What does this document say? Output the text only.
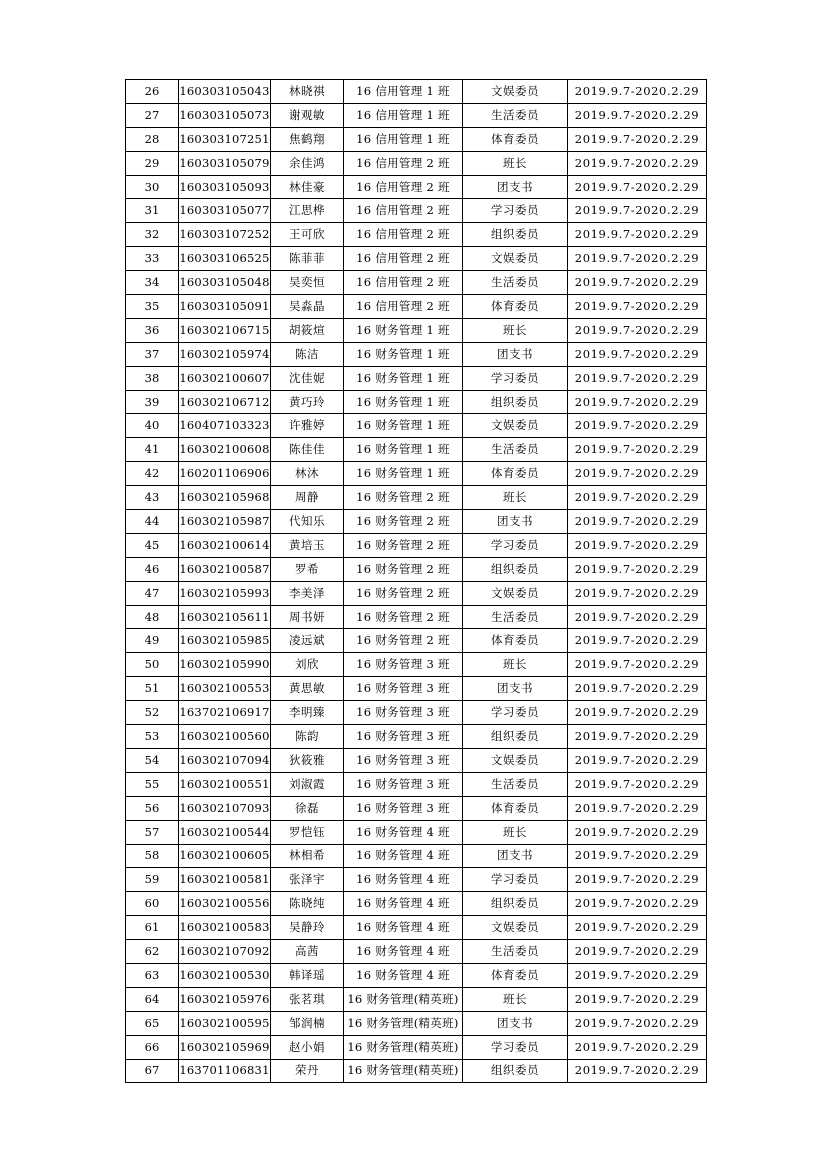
26	160303105043	林晓祺	16 信用管理 1 班	文娱委员	2019.9.7-2020.2.29
27	160303105073	谢观敏	16 信用管理 1 班	生活委员	2019.9.7-2020.2.29
28	160303107251	焦鹤翔	16 信用管理 1 班	体育委员	2019.9.7-2020.2.29
29	160303105079	余佳鸿	16 信用管理 2 班	班长	2019.9.7-2020.2.29
30	160303105093	林佳豪	16 信用管理 2 班	团支书	2019.9.7-2020.2.29
31	160303105077	江思桦	16 信用管理 2 班	学习委员	2019.9.7-2020.2.29
32	160303107252	王可欣	16 信用管理 2 班	组织委员	2019.9.7-2020.2.29
33	160303106525	陈菲菲	16 信用管理 2 班	文娱委员	2019.9.7-2020.2.29
34	160303105048	吴奕恒	16 信用管理 2 班	生活委员	2019.9.7-2020.2.29
35	160303105091	吴淼晶	16 信用管理 2 班	体育委员	2019.9.7-2020.2.29
36	160302106715	胡筱煊	16 财务管理 1 班	班长	2019.9.7-2020.2.29
37	160302105974	陈洁	16 财务管理 1 班	团支书	2019.9.7-2020.2.29
38	160302100607	沈佳妮	16 财务管理 1 班	学习委员	2019.9.7-2020.2.29
39	160302106712	黄巧玲	16 财务管理 1 班	组织委员	2019.9.7-2020.2.29
40	160407103323	许雅婷	16 财务管理 1 班	文娱委员	2019.9.7-2020.2.29
41	160302100608	陈佳佳	16 财务管理 1 班	生活委员	2019.9.7-2020.2.29
42	160201106906	林沐	16 财务管理 1 班	体育委员	2019.9.7-2020.2.29
43	160302105968	周静	16 财务管理 2 班	班长	2019.9.7-2020.2.29
44	160302105987	代知乐	16 财务管理 2 班	团支书	2019.9.7-2020.2.29
45	160302100614	黄培玉	16 财务管理 2 班	学习委员	2019.9.7-2020.2.29
46	160302100587	罗希	16 财务管理 2 班	组织委员	2019.9.7-2020.2.29
47	160302105993	李美泽	16 财务管理 2 班	文娱委员	2019.9.7-2020.2.29
48	160302105611	周书妍	16 财务管理 2 班	生活委员	2019.9.7-2020.2.29
49	160302105985	凌远斌	16 财务管理 2 班	体育委员	2019.9.7-2020.2.29
50	160302105990	刘欣	16 财务管理 3 班	班长	2019.9.7-2020.2.29
51	160302100553	黄思敏	16 财务管理 3 班	团支书	2019.9.7-2020.2.29
52	163702106917	李明臻	16 财务管理 3 班	学习委员	2019.9.7-2020.2.29
53	160302100560	陈韵	16 财务管理 3 班	组织委员	2019.9.7-2020.2.29
54	160302107094	狄筱雅	16 财务管理 3 班	文娱委员	2019.9.7-2020.2.29
55	160302100551	刘淑霞	16 财务管理 3 班	生活委员	2019.9.7-2020.2.29
56	160302107093	徐磊	16 财务管理 3 班	体育委员	2019.9.7-2020.2.29
57	160302100544	罗恺钰	16 财务管理 4 班	班长	2019.9.7-2020.2.29
58	160302100605	林相希	16 财务管理 4 班	团支书	2019.9.7-2020.2.29
59	160302100581	张泽宇	16 财务管理 4 班	学习委员	2019.9.7-2020.2.29
60	160302100556	陈晓纯	16 财务管理 4 班	组织委员	2019.9.7-2020.2.29
61	160302100583	吴静玲	16 财务管理 4 班	文娱委员	2019.9.7-2020.2.29
62	160302107092	高茜	16 财务管理 4 班	生活委员	2019.9.7-2020.2.29
63	160302100530	韩译瑶	16 财务管理 4 班	体育委员	2019.9.7-2020.2.29
64	160302105976	张茗琪	16 财务管理(精英班)	班长	2019.9.7-2020.2.29
65	160302100595	邹润楠	16 财务管理(精英班)	团支书	2019.9.7-2020.2.29
66	160302105969	赵小娟	16 财务管理(精英班)	学习委员	2019.9.7-2020.2.29
67	163701106831	荣丹	16 财务管理(精英班)	组织委员	2019.9.7-2020.2.29
